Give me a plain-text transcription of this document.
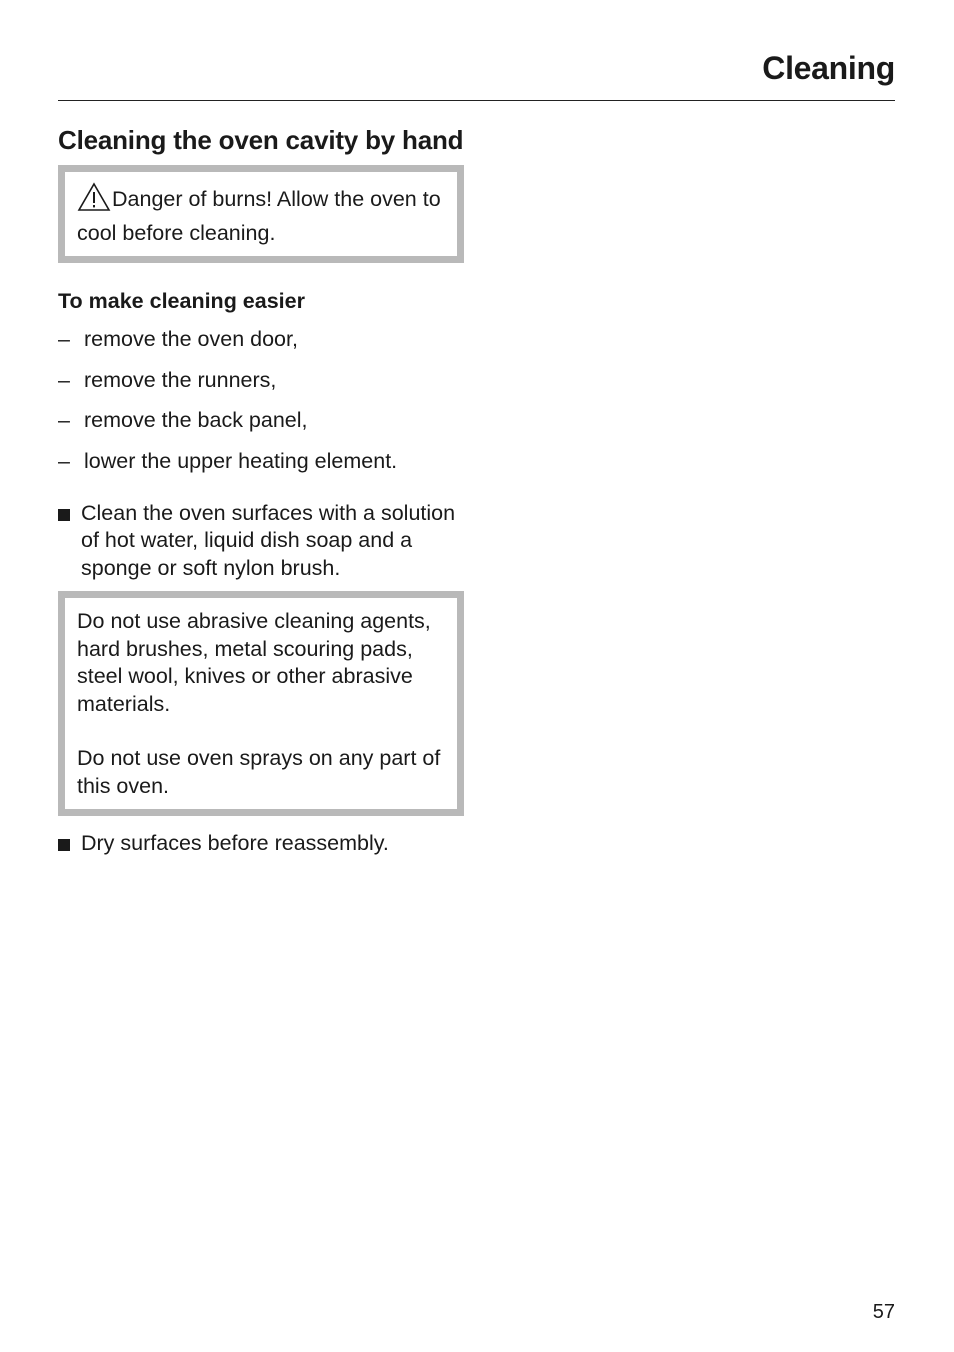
Cleaning
Cleaning the oven cavity by hand

Danger of burns! Allow the oven to cool before cleaning.

To make cleaning easier
– remove the oven door,
– remove the runners,
– remove the back panel,
– lower the upper heating element.

Clean the oven surfaces with a solution of hot water, liquid dish soap and a sponge or soft nylon brush.

Do not use abrasive cleaning agents, hard brushes, metal scouring pads, steel wool, knives or other abrasive materials.

Do not use oven sprays on any part of this oven.

Dry surfaces before reassembly.

57
